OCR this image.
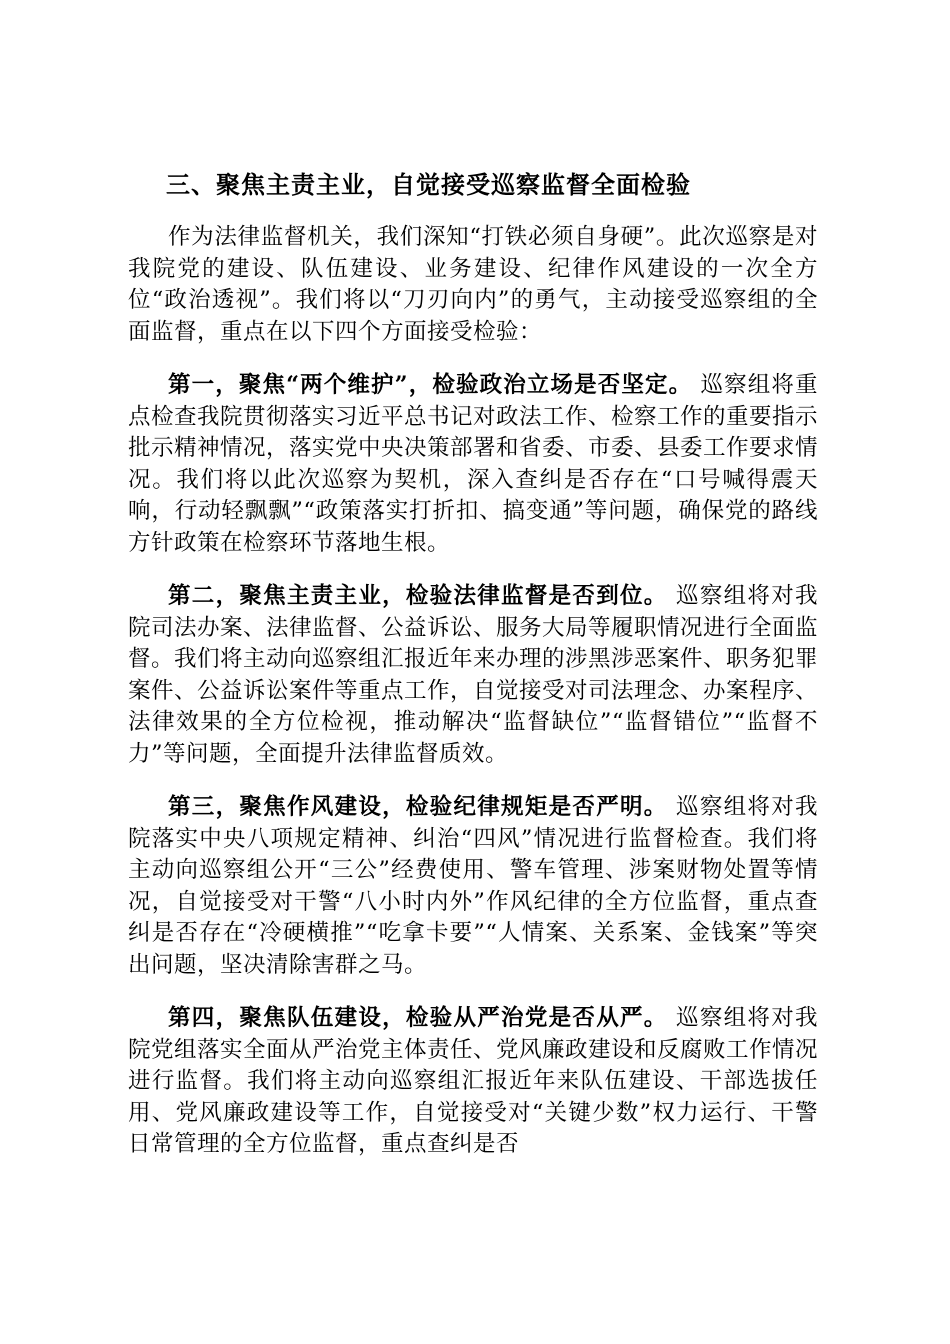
三、聚焦主责主业，自觉接受巡察监督全面检验

作为法律监督机关，我们深知“打铁必须自身硬”。此次巡察是对我院党的建设、队伍建设、业务建设、纪律作风建设的一次全方位“政治透视”。我们将以“刀刃向内”的勇气，主动接受巡察组的全面监督，重点在以下四个方面接受检验：

第一，聚焦“两个维护”，检验政治立场是否坚定。 巡察组将重点检查我院贯彻落实习近平总书记对政法工作、检察工作的重要指示批示精神情况，落实党中央决策部署和省委、市委、县委工作要求情况。我们将以此次巡察为契机，深入查纠是否存在“口号喊得震天响，行动轻飘飘”“政策落实打折扣、搞变通”等问题，确保党的路线方针政策在检察环节落地生根。

第二，聚焦主责主业，检验法律监督是否到位。 巡察组将对我院司法办案、法律监督、公益诉讼、服务大局等履职情况进行全面监督。我们将主动向巡察组汇报近年来办理的涉黑涉恶案件、职务犯罪案件、公益诉讼案件等重点工作，自觉接受对司法理念、办案程序、法律效果的全方位检视，推动解决“监督缺位”“监督错位”“监督不力”等问题，全面提升法律监督质效。

第三，聚焦作风建设，检验纪律规矩是否严明。 巡察组将对我院落实中央八项规定精神、纠治“四风”情况进行监督检查。我们将主动向巡察组公开“三公”经费使用、警车管理、涉案财物处置等情况，自觉接受对干警“八小时内外”作风纪律的全方位监督，重点查纠是否存在“冷硬横推”“吃拿卡要”“人情案、关系案、金钱案”等突出问题，坚决清除害群之马。

第四，聚焦队伍建设，检验从严治党是否从严。 巡察组将对我院党组落实全面从严治党主体责任、党风廉政建设和反腐败工作情况进行监督。我们将主动向巡察组汇报近年来队伍建设、干部选拔任用、党风廉政建设等工作，自觉接受对“关键少数”权力运行、干警日常管理的全方位监督，重点查纠是否
